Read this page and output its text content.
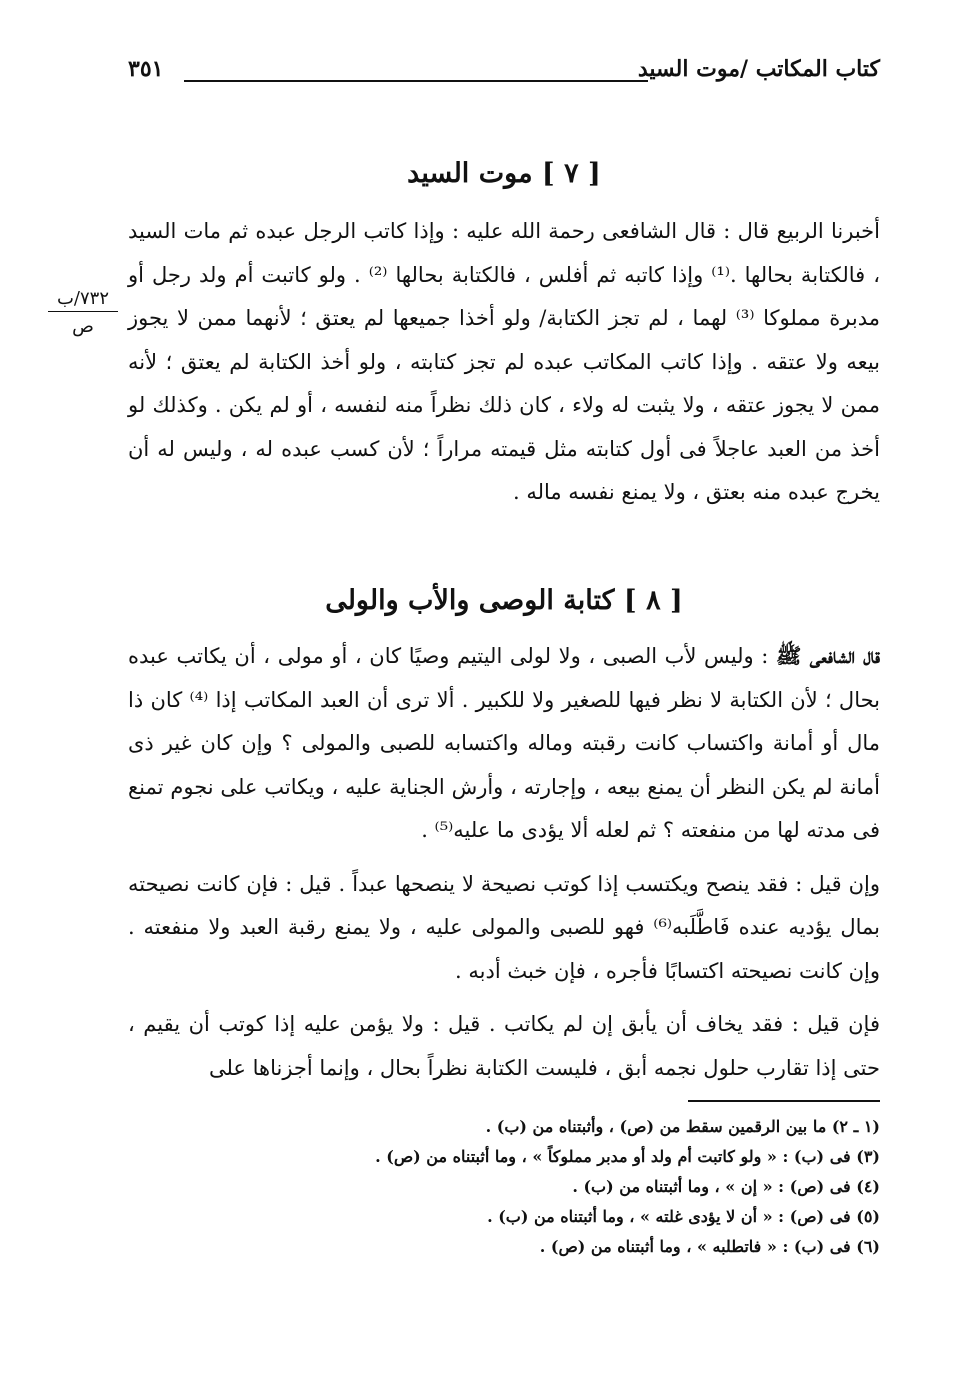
كتاب المكاتب /موت السيد
٣٥١
٧٣٢/ب
ص
[ ٧ ] موت السيد

أخبرنا الربيع قال : قال الشافعى رحمة الله عليه : وإذا كاتب الرجل عبده ثم مات السيد ، فالكتابة بحالها .⁽¹⁾ وإذا كاتبه ثم أفلس ، فالكتابة بحالها ⁽²⁾ . ولو كاتبت أم ولد رجل أو مدبرة مملوكا ⁽³⁾ لهما ، لم تجز الكتابة/ ولو أخذا جميعها لم يعتق ؛ لأنهما ممن لا يجوز بيعه ولا عتقه . وإذا كاتب المكاتب عبده لم تجز كتابته ، ولو أخذ الكتابة لم يعتق ؛ لأنه ممن لا يجوز عتقه ، ولا يثبت له ولاء ، كان ذلك نظراً منه لنفسه ، أو لم يكن . وكذلك لو أخذ من العبد عاجلاً فى أول كتابته مثل قيمته مراراً ؛ لأن كسب عبده له ، وليس له أن يخرج عبده منه بعتق ، ولا يمنع نفسه ماله .

[ ٨ ] كتابة الوصى والأب والولى

قال الشافعى ﷺ : وليس لأب الصبى ، ولا لولى اليتيم وصيًا كان ، أو مولى ، أن يكاتب عبده بحال ؛ لأن الكتابة لا نظر فيها للصغير ولا للكبير . ألا ترى أن العبد المكاتب إذا ⁽⁴⁾ كان ذا مال أو أمانة واكتساب كانت رقبته وماله واكتسابه للصبى والمولى ؟ وإن كان غير ذى أمانة لم يكن النظر أن يمنع بيعه ، وإجارته ، وأرش الجناية عليه ، ويكاتب على نجوم تمنع فى مدته لها من منفعته ؟ ثم لعله ألا يؤدى ما عليه⁽⁵⁾ .

وإن قيل : فقد ينصح ويكتسب إذا كوتب نصيحة لا ينصحها عبداً . قيل : فإن كانت نصيحته بمال يؤديه عنده فَاطَّلَبه⁽⁶⁾ فهو للصبى والمولى عليه ، ولا يمنع رقبة العبد ولا منفعته . وإن كانت نصيحته اكتسابًا فأجره ، فإن خبث أدبه .

فإن قيل : فقد يخاف أن يأبق إن لم يكاتب . قيل : ولا يؤمن عليه إذا كوتب أن يقيم ، حتى إذا تقارب حلول نجمه أبق ، فليست الكتابة نظراً بحال ، وإنما أجزناها على

(١ ـ ٢) ما بين الرقمين سقط من (ص) ، وأثبتناه من (ب) .
(٣) فى (ب) : « ولو كاتبت أم ولد أو مدبر مملوكاً » ، وما أثبتناه من (ص) .
(٤) فى (ص) : « إن » ، وما أثبتناه من (ب) .
(٥) فى (ص) : « أن لا يؤدى غلته » ، وما أثبتناه من (ب) .
(٦) فى (ب) : « فاتطلبه » ، وما أثبتناه من (ص) .
